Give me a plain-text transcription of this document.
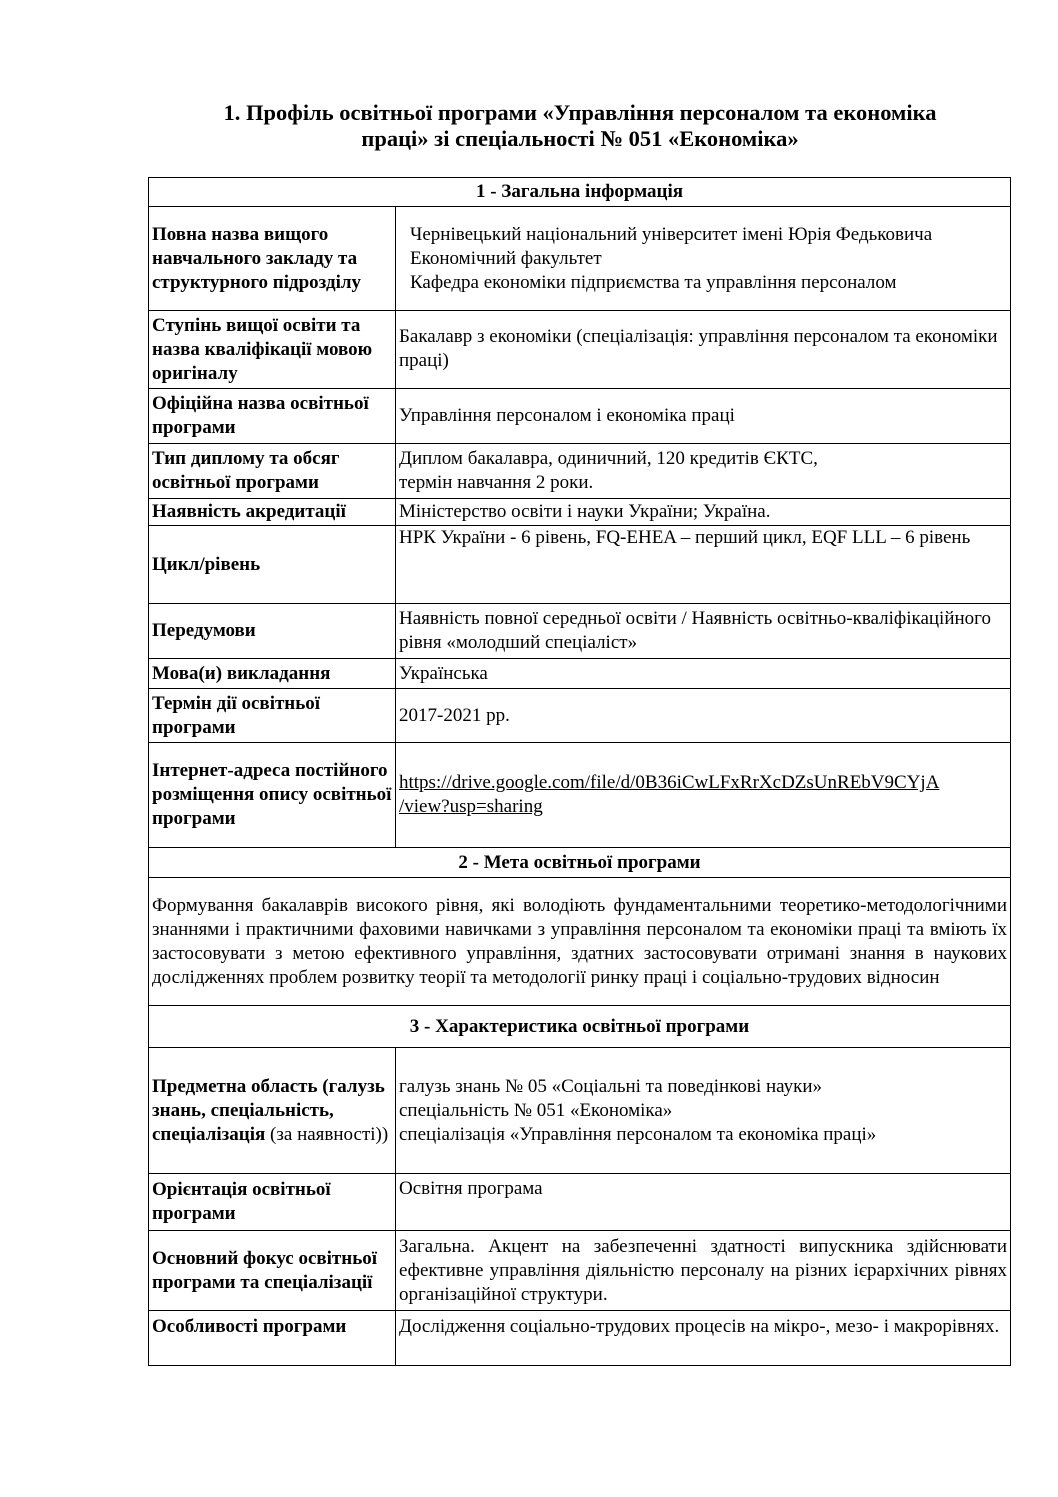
1. Профіль освітньої програми «Управління персоналом та економіка
праці» зі спеціальності № 051 «Економіка»
1 - Загальна інформація	
Повна назва вищого навчального закладу та структурного підрозділу	Чернівецький національний університет імені Юрія Федьковича
Економічний факультет
Кафедра економіки підприємства та управління персоналом

Ступінь вищої освіти та назва кваліфікації мовою оригіналу	Бакалавр з економіки (спеціалізація: управління персоналом та економіки праці)
Офіційна назва освітньої програми	Управління персоналом і економіка праці
Тип диплому та обсяг освітньої програми	Диплом бакалавра, одиничний, 120 кредитів ЄКТС,
термін навчання 2 роки.

Наявність акредитації	Міністерство освіти і науки України; Україна.
Цикл/рівень	НРК України - 6 рівень, FQ-EHEA – перший цикл, EQF LLL – 6 рівень
Передумови	Наявність повної середньої освіти / Наявність освітньо-кваліфікаційного рівня «молодший спеціаліст»
Мова(и) викладання	Українська
Термін дії освітньої програми	2017-2021 рр.
Інтернет-адреса постійного розміщення опису освітньої програми	https://drive.google.com/file/d/0B36iCwLFxRrXcDZsUnREbV9CYjA
/view?usp=sharing

2 - Мета освітньої програми	
Формування бакалаврів високого рівня, які володіють фундаментальними теоретико-методологічними знаннями і практичними фаховими навичками з управління персоналом та економіки праці та вміють їх застосовувати з метою ефективного управління, здатних застосовувати отримані знання в наукових дослідженнях проблем розвитку теорії та методології ринку праці і соціально-трудових відносин	
3 - Характеристика освітньої програми	
Предметна область (галузь знань, спеціальність, спеціалізація (за наявності))	галузь знань № 05 «Соціальні та поведінкові науки»
спеціальність № 051 «Економіка»
спеціалізація «Управління персоналом та економіка праці»

Орієнтація освітньої програми	Освітня програма
Основний фокус освітньої програми та спеціалізації	Загальна. Акцент на забезпеченні здатності випускника здійснювати ефективне управління діяльністю персоналу на різних ієрархічних рівнях організаційної структури.
Особливості програми	Дослідження соціально-трудових процесів на мікро-, мезо- і макрорівнях.
